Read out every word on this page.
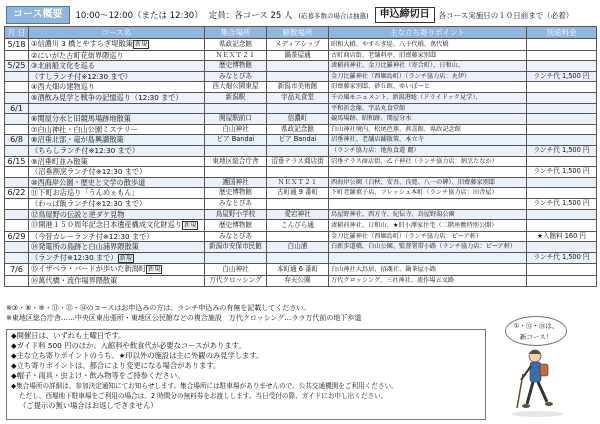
コース概要	10:00～12:00（または 12:30） 定員：各コース 25 人 (応募多数の場合は抽選)	申込締切日	各コース実施日の１０日前まで（必着）
月 日	コース名	集合場所	解散場所	主な立ち寄りポイント	別途料金
5/18	①信濃川 3 橋とやすらぎ堤散策 新規	県政記念館	メディアシップ	昭和大橋、やすらぎ堤、八千代橋、萬代橋	
	②にいがた古町花街界隈巡り	ＮＥＸＴ２１	鍋茶屋通	古町商店街、老舗料亭、旧齋藤家別邸	
5/25	③北前船文化を巡る	歴史博物館		湊稲荷神社、金刀比羅神社（寄合町）、日和山、	
	（すしランチ付※12:30 まで）	みなとぴあ		金刀比羅神社（西堀島町）（ランチ協力店：丸伊）	ランチ代 1,500 円
	④西大畑の建物巡り	西大畑公園東屋	新潟市美術館	旧齋藤家別邸、砂丘館、ゆいぽーと	
	⑤酒飲み見学と戦争の記憶巡り（12:30 まで）	新潟駅	宇品丸食堂	千の風モニュメント、新潟港総（ドライドック見学）、	
6/1				平和祈念像、宇品丸食堂館	
	⑥関屋分水と旧競馬場跡地散策	関屋駅前口	信濃町	競馬場跡、昭和跡、関屋分水	
	⑦白山神社・白山公園ミステリー	白山神社	県政記念館	白山神社境内、松尾芭蕉、燕喜館、県政記念館	
6/8	⑧沼垂北部・竜が島興讃散策	ピア Bandai	ピア Bandai	沼垂神社、老舗店鋪散策、本立寺	
	（ちらしランチ付※12:30 まで）			（ランチ協力店：地魚食道 麗）	ランチ代 1,500 円
6/15	⑨沼垂町並み散策	東地区総合庁舎	沼垂テラス商店街	沼垂テラス商店街、乙子神社（ランチ協力店：割烹たなか）	
	（沼垂割烹ランチ付※12:30 まで）				ランチ代 1,500 円
	⑩西海岸公園・歴史と文学の散歩道	護国神社	ＮＥＸＴ２１	西海岸公園（白秋、安吾、良寛、八一の碑）、旧齋藤家別邸	
6/22	⑪下町お店巡り「うんめぇもん」	歴史博物館	古町通 9 番町	下町老舗菓子店、フレッシュ本町（ランチ協力店：田舎屋）	
	（わっぱ飯ランチ付※12:30 まで）	みなとぴあ			ランチ代 1,500 円
	⑫鳥屋野の伝説と逆ダケ見物	鳥屋野小学校	愛宕神社	鳥屋野神社、西方寺、紀伝寺、鳥屋野潟公園	
	⑬開港１５０周年記念日本遺産構成文化財巡り 新規	歴史博物館	こんぴら通	湊稲荷神社、日和山、★旧小澤家住宅（二階座敷特別公開）	
6/29	（今昔カレーランチ付※12:30 まで）	みなとぴあ		金刀比羅神社（西堀島町）（ランチ協力店：ピーア軒）	★入館料 160 円
	⑭発電所の島跡と白山浦界隈散策	新潟市安保市民館	白山浦	白新歩道橋、白山公園、監督署帯小路（ランチ協力店：ピーア軒）	
	（ランチ付※12:30 まで） 新規				ランチ代 1,500 円
7/6	⑮イザベラ・バードが歩いた新潟町 新規	白山神社	本町通 6 番町	白山神社大鳥居、招魂社、鍋茶屋小路	
	⑯萬代橋・流作場界隈散策	万代クロッシング	弁天公園	万代クロッシング、三社神社、流作場五叉路	
※③・⑧・⑨・⑪・⑬・⑭のコースはお申込みの方は、ランチ申込みの有無を記載してください。
※東地区総合庁舎……中央区東出張所・東地区公民館などの複合施設　万代クロッシング…ララ万代前の地下歩道
◆開催日は、いずれも土曜日です。
◆ガイド料 500 円のほか、入館料や飲食代が必要なコースがあります。
◆主な立ち寄りポイントのうち、★印以外の施設は主に外観のみ見学します。
◆立ち寄りポイントは、都合により変更になる場合があります。
◆帽子・雨具・虫よけ・飲み物等をご持参ください。
◆集合場所の詳細は、参加決定通知にてお知らせします。集合場所には駐車場がありませんので、公共交通機関をご利用ください。
ただし、西堀地下駐車場をご利用の場合は、2 時間分の無料券をお渡しします。当日受付の際、ガイドにお申し出ください。
（ご提示の無い場合はお返しできません）
①・⑬・⑮は、
新コース！
